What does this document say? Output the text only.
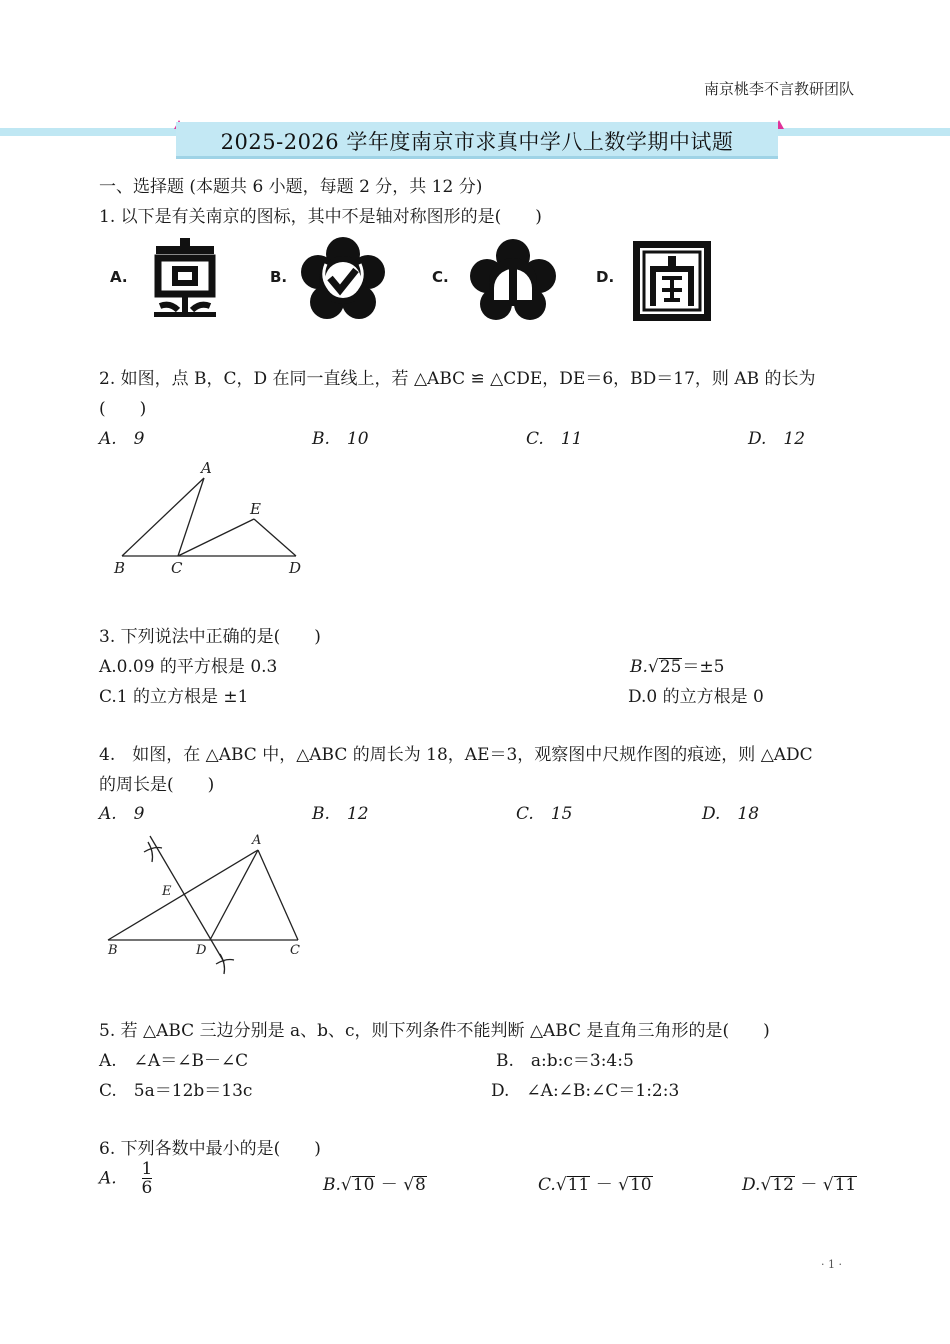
南京桃李不言教研团队
2025-2026 学年度南京市求真中学八上数学期中试题
一、选择题 (本题共 6 小题，每题 2 分，共 12 分)
1. 以下是有关南京的图标，其中不是轴对称图形的是(　　)
A.	B.	C.	D.
2. 如图，点 B，C，D 在同一直线上，若 △ABC ≌ △CDE，DE＝6，BD＝17，则 AB 的长为
(　　)
A.　9	B.　10	C.　11	D.　12
A
E
B	C	D
3. 下列说法中正确的是(　　)
A.0.09 的平方根是 0.3	B.√25＝±5
C.1 的立方根是 ±1	D.0 的立方根是 0
4.　如图，在 △ABC 中，△ABC 的周长为 18，AE＝3，观察图中尺规作图的痕迹，则 △ADC
的周长是(　　)
A.　9	B.　12	C.　15	D.　18
A
E
B	D	C
5. 若 △ABC 三边分别是 a、b、c，则下列条件不能判断 △ABC 是直角三角形的是(　　)
A.　∠A＝∠B－∠C	B.　a:b:c＝3:4:5
C.　5a＝12b＝13c	D.　∠A:∠B:∠C＝1:2:3
6. 下列各数中最小的是(　　)
A. $\frac{1}{6}$	B.√10 － √8	C.√11 － √10	D.√12 － √11
· 1 ·
